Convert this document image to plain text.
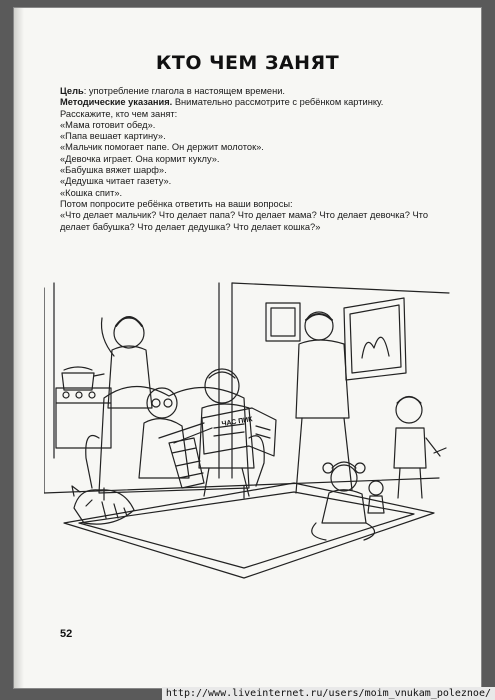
КТО ЧЕМ ЗАНЯТ

Цель: употребление глагола в настоящем времени.

Методические указания. Внимательно рассмотрите с ребёнком картинку. Расскажите, кто чем занят:

«Мама готовит обед».

«Папа вешает картину».

«Мальчик помогает папе. Он держит молоток».

«Девочка играет. Она кормит куклу».

«Бабушка вяжет шарф».

«Дедушка читает газету».

«Кошка спит».

Потом попросите ребёнка ответить на ваши вопросы:

«Что делает мальчик? Что делает папа? Что делает мама? Что делает девочка? Что делает бабушка? Что делает дедушка? Что делает кошка?»

ЧАС ПИК
52
http://www.liveinternet.ru/users/moim_vnukam_poleznoe/
